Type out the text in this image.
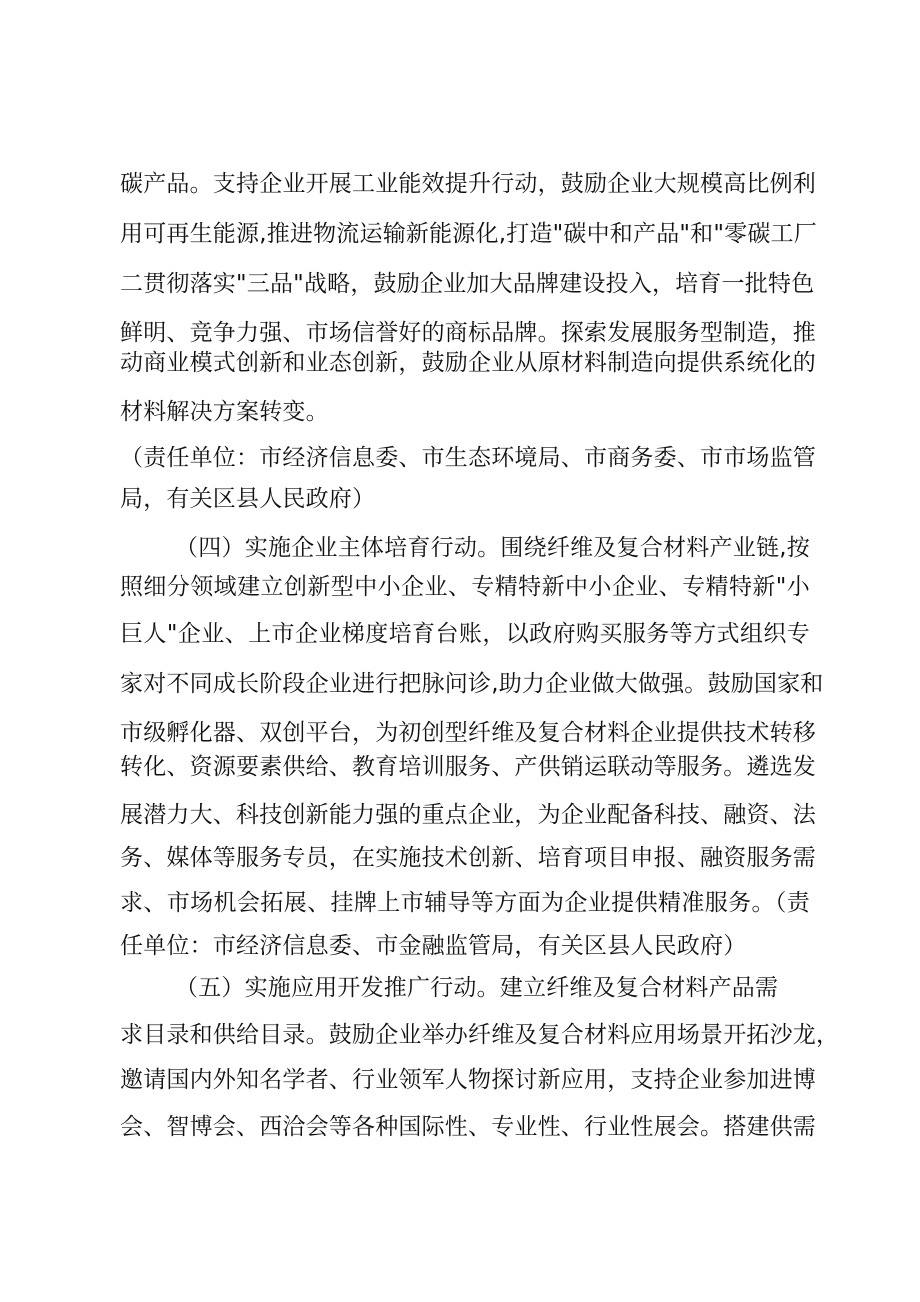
碳产品。支持企业开展工业能效提升行动，鼓励企业大规模高比例利
用可再生能源,推进物流运输新能源化,打造"碳中和产品"和"零碳工厂
二贯彻落实"三品"战略，鼓励企业加大品牌建设投入，培育一批特色
鲜明、竞争力强、市场信誉好的商标品牌。探索发展服务型制造，推
动商业模式创新和业态创新，鼓励企业从原材料制造向提供系统化的
材料解决方案转变。
（责任单位：市经济信息委、市生态环境局、市商务委、市市场监管
局，有关区县人民政府）
（四）实施企业主体培育行动。围绕纤维及复合材料产业链,按
照细分领域建立创新型中小企业、专精特新中小企业、专精特新"小
巨人"企业、上市企业梯度培育台账，以政府购买服务等方式组织专
家对不同成长阶段企业进行把脉问诊,助力企业做大做强。鼓励国家和
市级孵化器、双创平台，为初创型纤维及复合材料企业提供技术转移
转化、资源要素供给、教育培训服务、产供销运联动等服务。遴选发
展潜力大、科技创新能力强的重点企业，为企业配备科技、融资、法
务、媒体等服务专员，在实施技术创新、培育项目申报、融资服务需
求、市场机会拓展、挂牌上市辅导等方面为企业提供精准服务。（责
任单位：市经济信息委、市金融监管局，有关区县人民政府）
（五）实施应用开发推广行动。建立纤维及复合材料产品需
求目录和供给目录。鼓励企业举办纤维及复合材料应用场景开拓沙龙，
邀请国内外知名学者、行业领军人物探讨新应用，支持企业参加进博
会、智博会、西洽会等各种国际性、专业性、行业性展会。搭建供需
